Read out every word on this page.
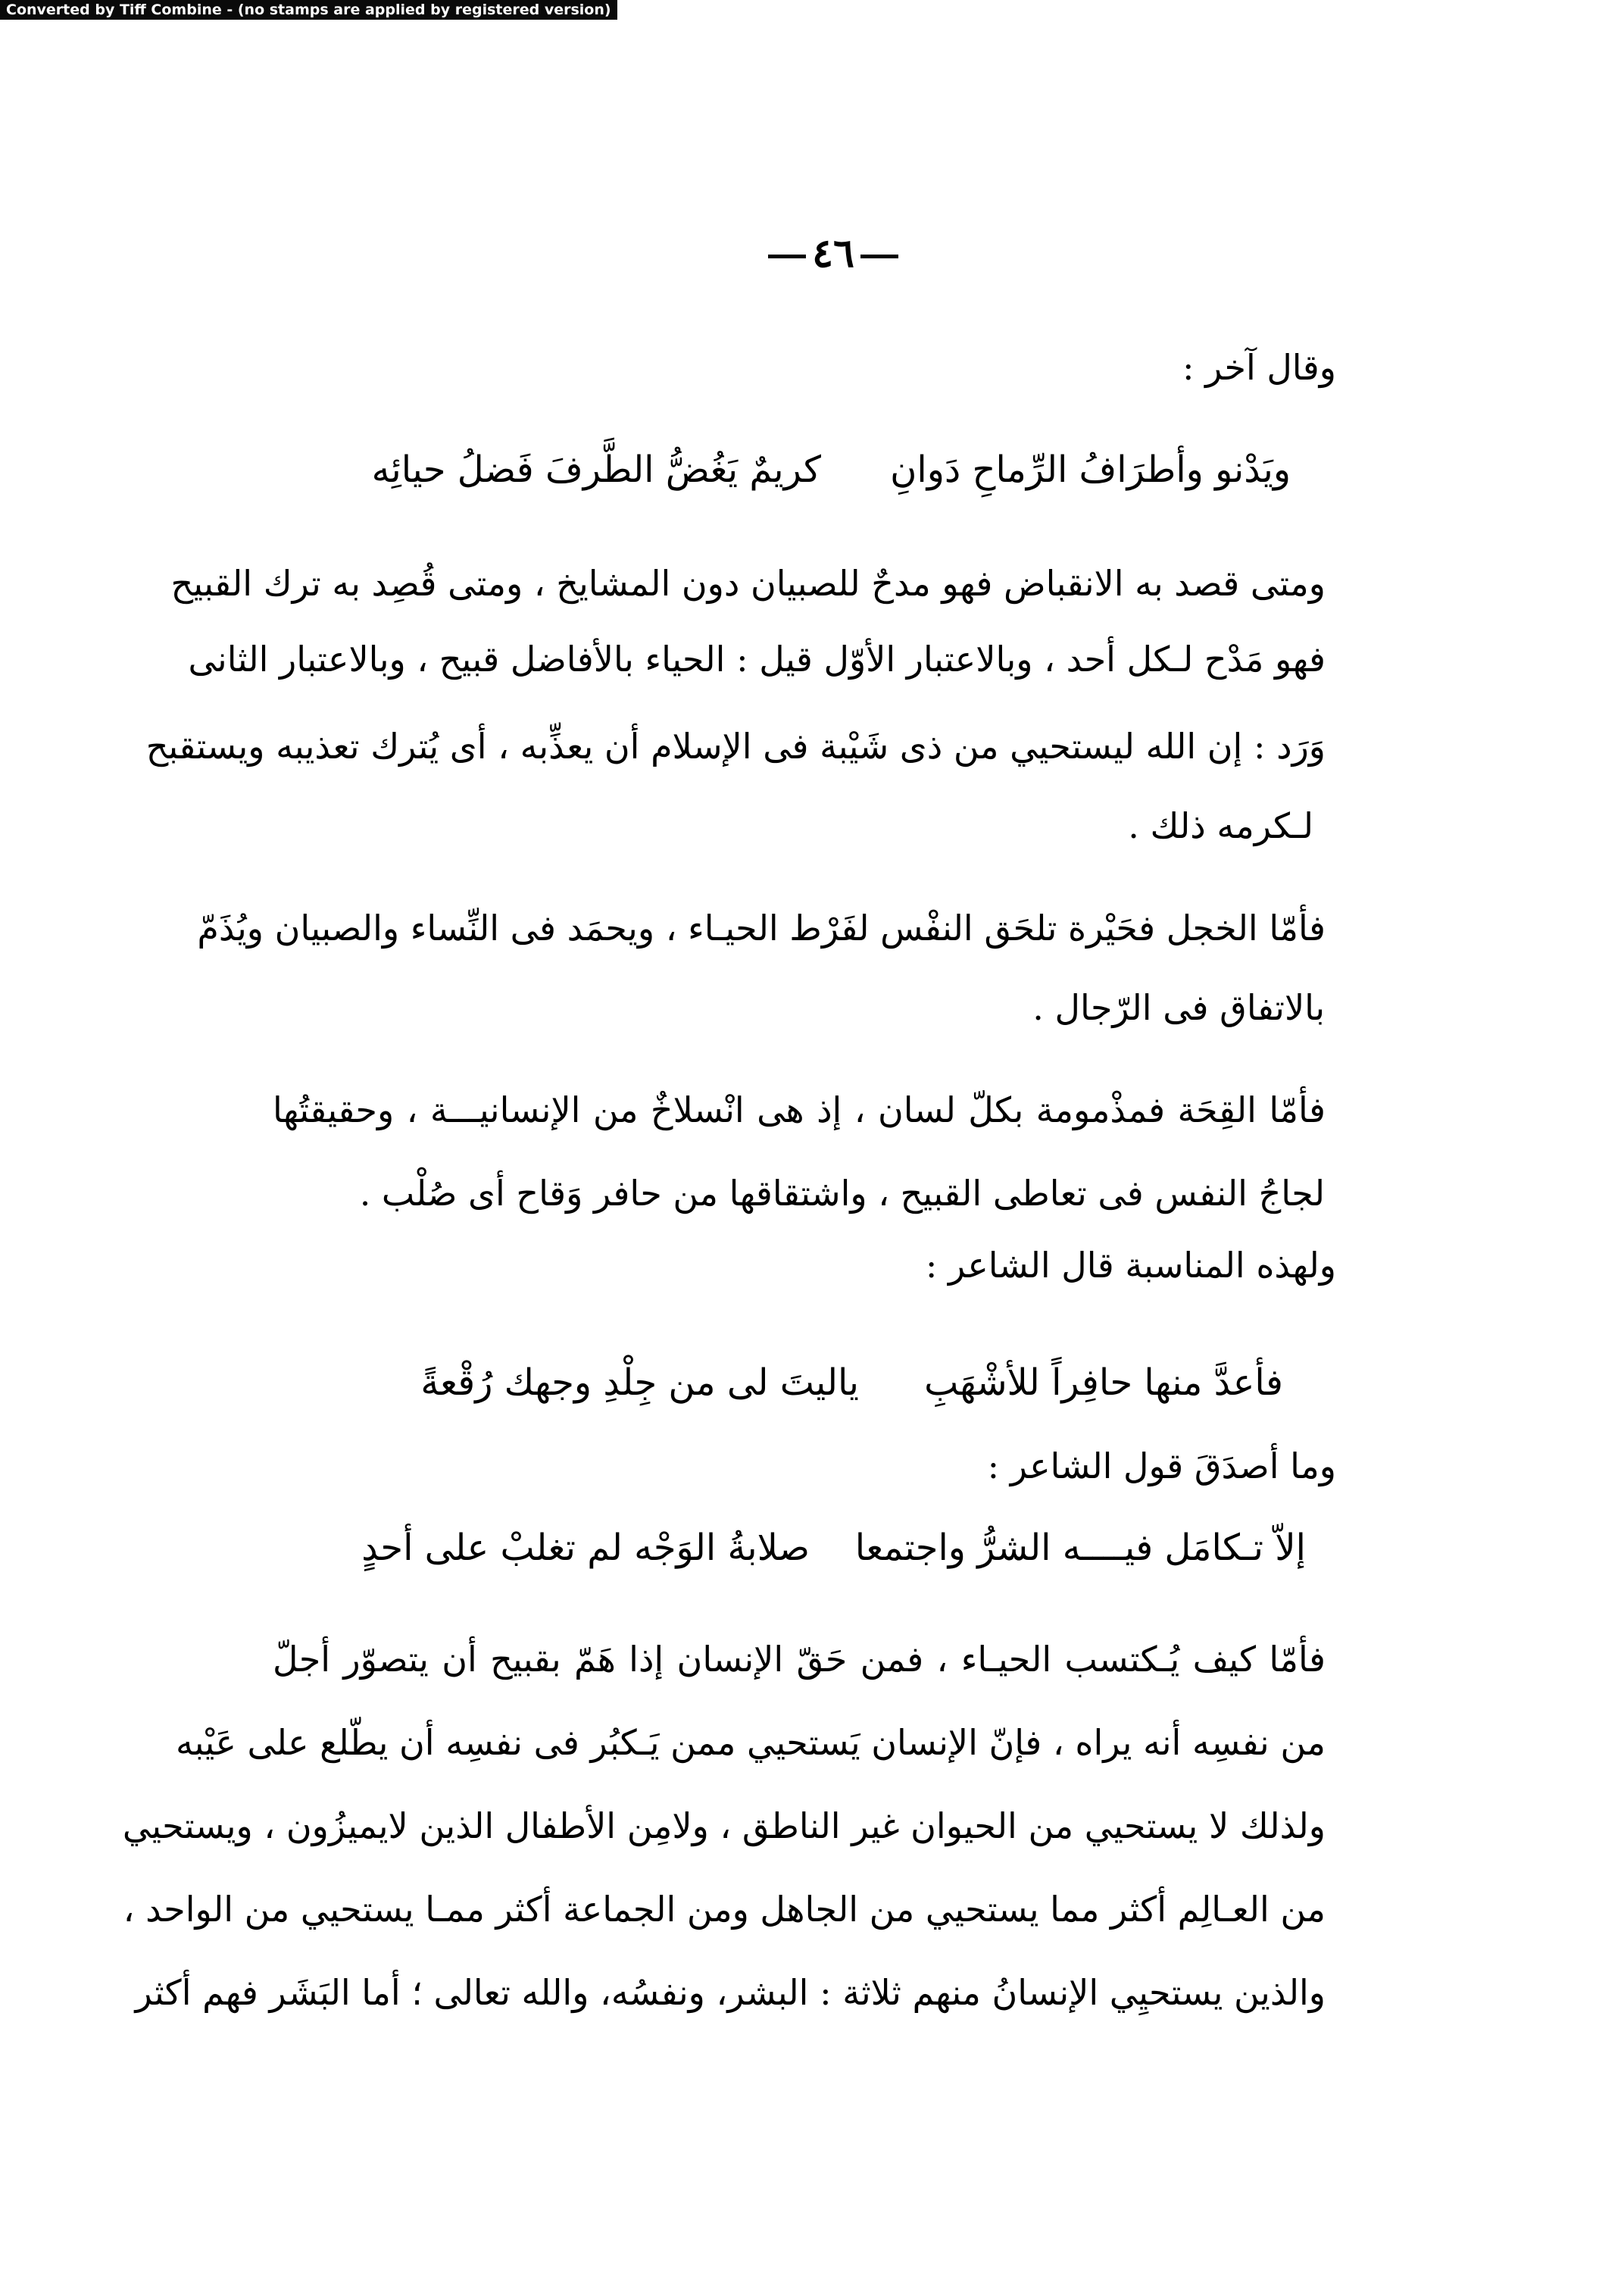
Converted by Tiff Combine - (no stamps are applied by registered version)
٤٦
وقال آخر :
كريمٌ يَغُضُّ الطَّرفَ فَضلُ حيائِه ويَدْنو وأطرَافُ الرِّماحِ دَوانِ
ومتى قصد به الانقباض فهو مدحٌ للصبيان دون المشايخ ، ومتى قُصِد به ترك القبيح
فهو مَدْح لـكل أحد ، وبالاعتبار الأوّل قيل : الحياء بالأفاضل قبيح ، وبالاعتبار الثانى
وَرَد : إن الله ليستحيي من ذى شَيْبة فى الإسلام أن يعذِّبه ، أى يُترك تعذيبه ويستقبح
لـكرمه ذلك .
فأمّا الخجل فحَيْرة تلحَق النفْس لفَرْط الحيـاء ، ويحمَد فى النِّساء والصبيان ويُذَمّ
بالاتفاق فى الرّجال .
فأمّا القِحَة فمذْمومة بكلّ لسان ، إذ هى انْسلاخٌ من الإنسانيـــة ، وحقيقتُها
لجاجُ النفس فى تعاطى القبيح ، واشتقاقها من حافر وَقاح أى صُلْب .
ولهذه المناسبة قال الشاعر :
ياليتَ لى من جِلْدِ وجهك رُقْعةً فأعدَّ منها حافِراً للأشْهَبِ
وما أصدَقَ قول الشاعر :
صلابةُ الوَجْه لم تغلبْ على أحدٍ إلاّ تـكامَل فيــــه الشرُّ واجتمعا
فأمّا كيف يُـكتسب الحيـاء ، فمن حَقّ الإنسان إذا هَمّ بقبيح أن يتصوّر أجلّ
من نفسِه أنه يراه ، فإنّ الإنسان يَستحيي ممن يَـكبُر فى نفسِه أن يطّلع على عَيْبه
ولذلك لا يستحيي من الحيوان غير الناطق ، ولامِن الأطفال الذين لايميزُون ، ويستحيي
من العـالِم أكثر مما يستحيي من الجاهل ومن الجماعة أكثر ممـا يستحيي من الواحد ،
والذين يستحيِي الإنسانُ منهم ثلاثة : البشر، ونفسُه، والله تعالى ؛ أما البَشَر فهم أكثر
